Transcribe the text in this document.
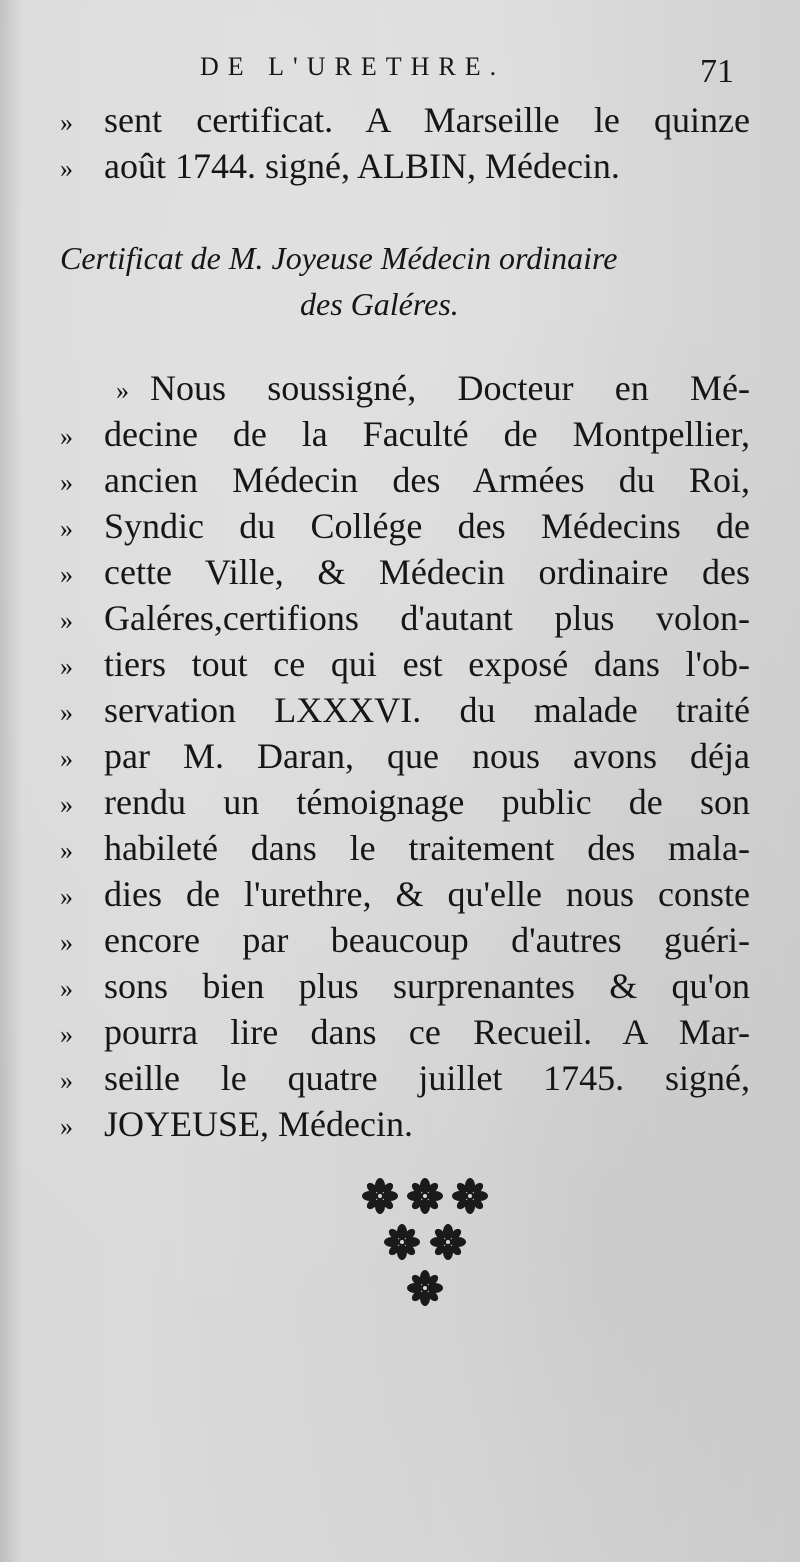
DE L'URETHRE.	71
» sent certificat. A Marseille le quinze
» août 1744. signé, ALBIN, Médecin.
Certificat de M. Joyeuse Médecin ordinaire
des Galéres.
» Nous soussigné, Docteur en Mé-
» decine de la Faculté de Montpellier,
» ancien Médecin des Armées du Roi,
» Syndic du Collége des Médecins de
» cette Ville, & Médecin ordinaire des
» Galéres,certifions d'autant plus volon-
» tiers tout ce qui est exposé dans l'ob-
» servation LXXXVI. du malade traité
» par M. Daran, que nous avons déja
» rendu un témoignage public de son
» habileté dans le traitement des mala-
» dies de l'urethre, & qu'elle nous conste
» encore par beaucoup d'autres guéri-
» sons bien plus surprenantes & qu'on
» pourra lire dans ce Recueil. A Mar-
» seille le quatre juillet 1745. signé,
» JOYEUSE, Médecin.
